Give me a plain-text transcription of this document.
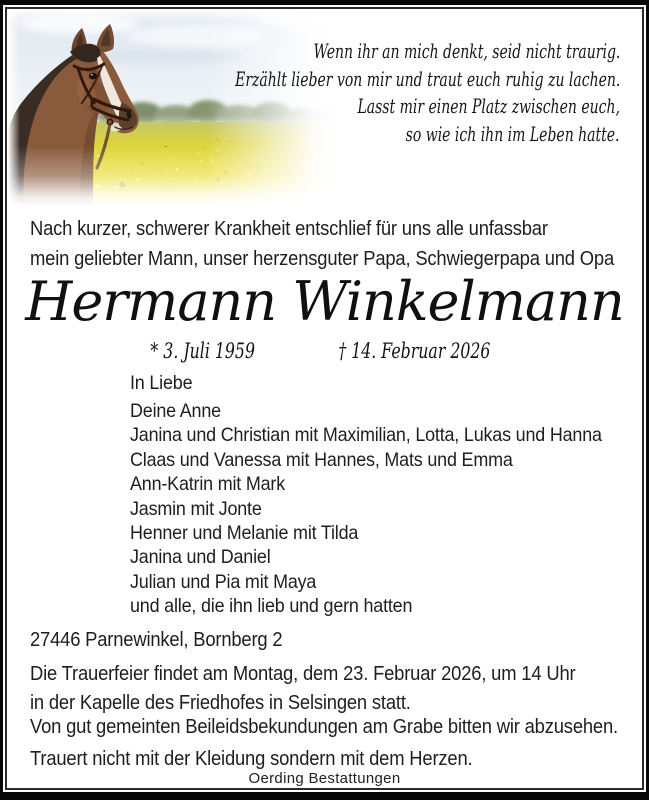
Wenn ihr an mich denkt, seid nicht traurig.
Erzählt lieber von mir und traut euch ruhig zu lachen.
Lasst mir einen Platz zwischen euch,
so wie ich ihn im Leben hatte.
Nach kurzer, schwerer Krankheit entschlief für uns alle unfassbar
mein geliebter Mann, unser herzensguter Papa, Schwiegerpapa und Opa
Hermann Winkelmann
* 3. Juli 1959	† 14. Februar 2026
In Liebe
Deine Anne
Janina und Christian mit Maximilian, Lotta, Lukas und Hanna
Claas und Vanessa mit Hannes, Mats und Emma
Ann-Katrin mit Mark
Jasmin mit Jonte
Henner und Melanie mit Tilda
Janina und Daniel
Julian und Pia mit Maya
und alle, die ihn lieb und gern hatten
27446 Parnewinkel, Bornberg 2
Die Trauerfeier findet am Montag, dem 23. Februar 2026, um 14 Uhr
in der Kapelle des Friedhofes in Selsingen statt.
Von gut gemeinten Beileidsbekundungen am Grabe bitten wir abzusehen.
Trauert nicht mit der Kleidung sondern mit dem Herzen.
Oerding Bestattungen
